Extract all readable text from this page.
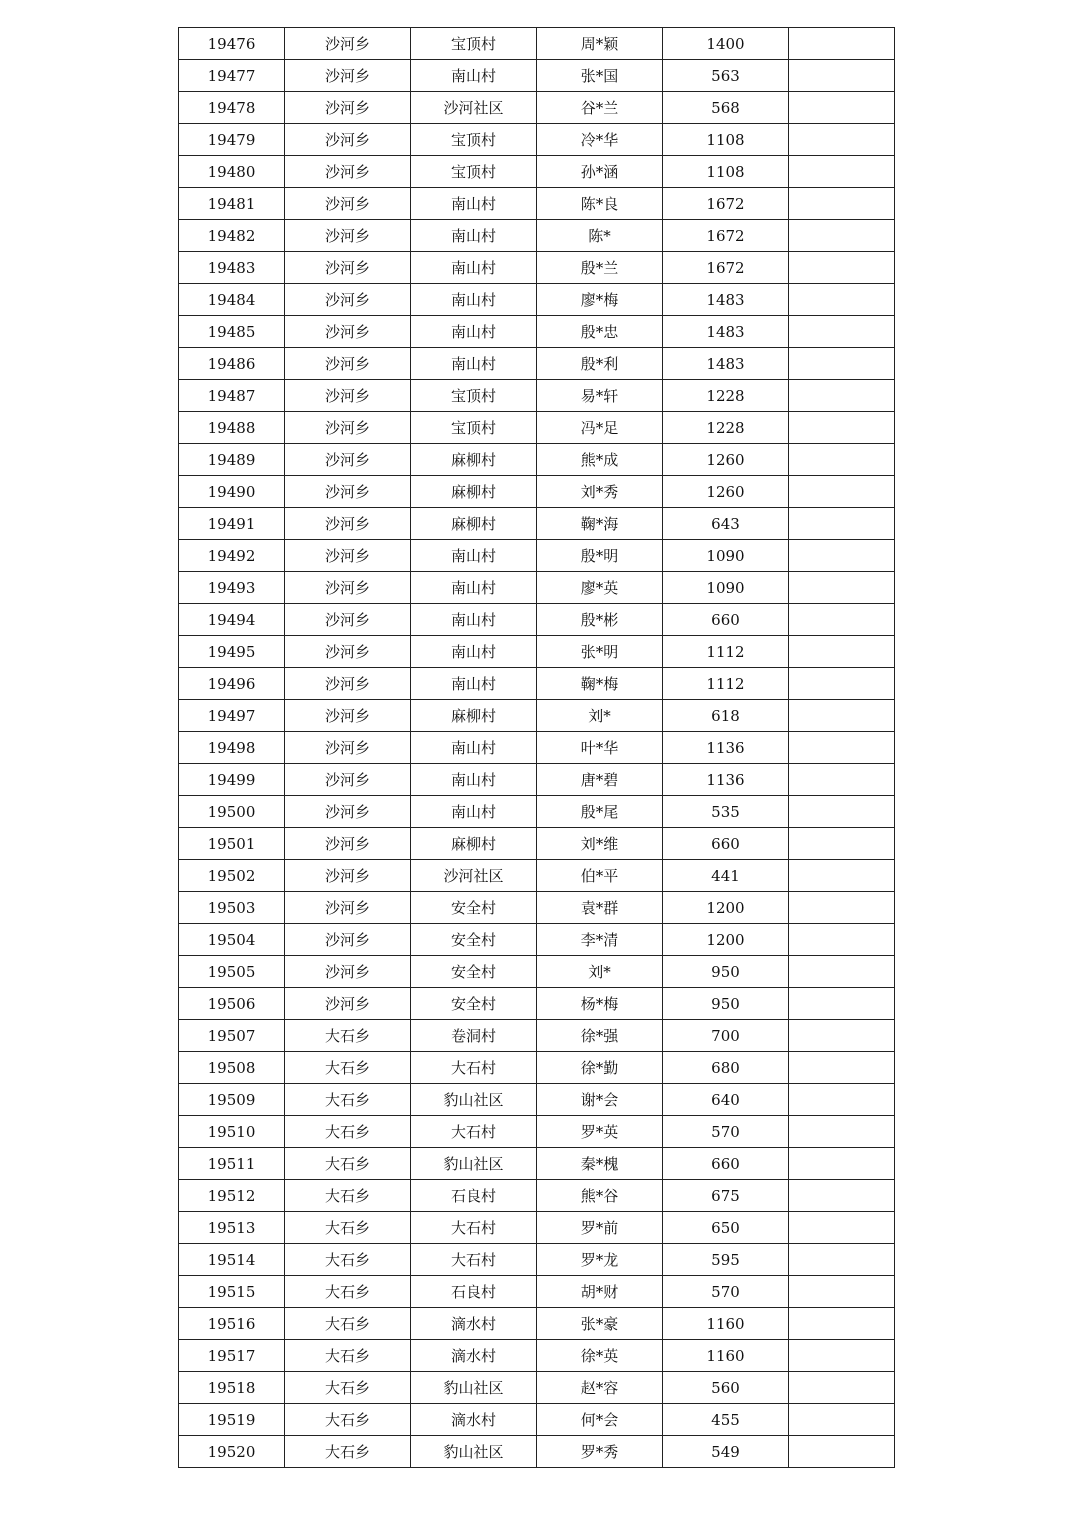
19476	沙河乡	宝顶村	周*颖	1400	
19477	沙河乡	南山村	张*国	563	
19478	沙河乡	沙河社区	谷*兰	568	
19479	沙河乡	宝顶村	冷*华	1108	
19480	沙河乡	宝顶村	孙*涵	1108	
19481	沙河乡	南山村	陈*良	1672	
19482	沙河乡	南山村	陈*	1672	
19483	沙河乡	南山村	殷*兰	1672	
19484	沙河乡	南山村	廖*梅	1483	
19485	沙河乡	南山村	殷*忠	1483	
19486	沙河乡	南山村	殷*利	1483	
19487	沙河乡	宝顶村	易*轩	1228	
19488	沙河乡	宝顶村	冯*足	1228	
19489	沙河乡	麻柳村	熊*成	1260	
19490	沙河乡	麻柳村	刘*秀	1260	
19491	沙河乡	麻柳村	鞠*海	643	
19492	沙河乡	南山村	殷*明	1090	
19493	沙河乡	南山村	廖*英	1090	
19494	沙河乡	南山村	殷*彬	660	
19495	沙河乡	南山村	张*明	1112	
19496	沙河乡	南山村	鞠*梅	1112	
19497	沙河乡	麻柳村	刘*	618	
19498	沙河乡	南山村	叶*华	1136	
19499	沙河乡	南山村	唐*碧	1136	
19500	沙河乡	南山村	殷*尾	535	
19501	沙河乡	麻柳村	刘*维	660	
19502	沙河乡	沙河社区	伯*平	441	
19503	沙河乡	安全村	袁*群	1200	
19504	沙河乡	安全村	李*清	1200	
19505	沙河乡	安全村	刘*	950	
19506	沙河乡	安全村	杨*梅	950	
19507	大石乡	卷洞村	徐*强	700	
19508	大石乡	大石村	徐*勤	680	
19509	大石乡	豹山社区	谢*会	640	
19510	大石乡	大石村	罗*英	570	
19511	大石乡	豹山社区	秦*槐	660	
19512	大石乡	石良村	熊*谷	675	
19513	大石乡	大石村	罗*前	650	
19514	大石乡	大石村	罗*龙	595	
19515	大石乡	石良村	胡*财	570	
19516	大石乡	滴水村	张*豪	1160	
19517	大石乡	滴水村	徐*英	1160	
19518	大石乡	豹山社区	赵*容	560	
19519	大石乡	滴水村	何*会	455	
19520	大石乡	豹山社区	罗*秀	549	
